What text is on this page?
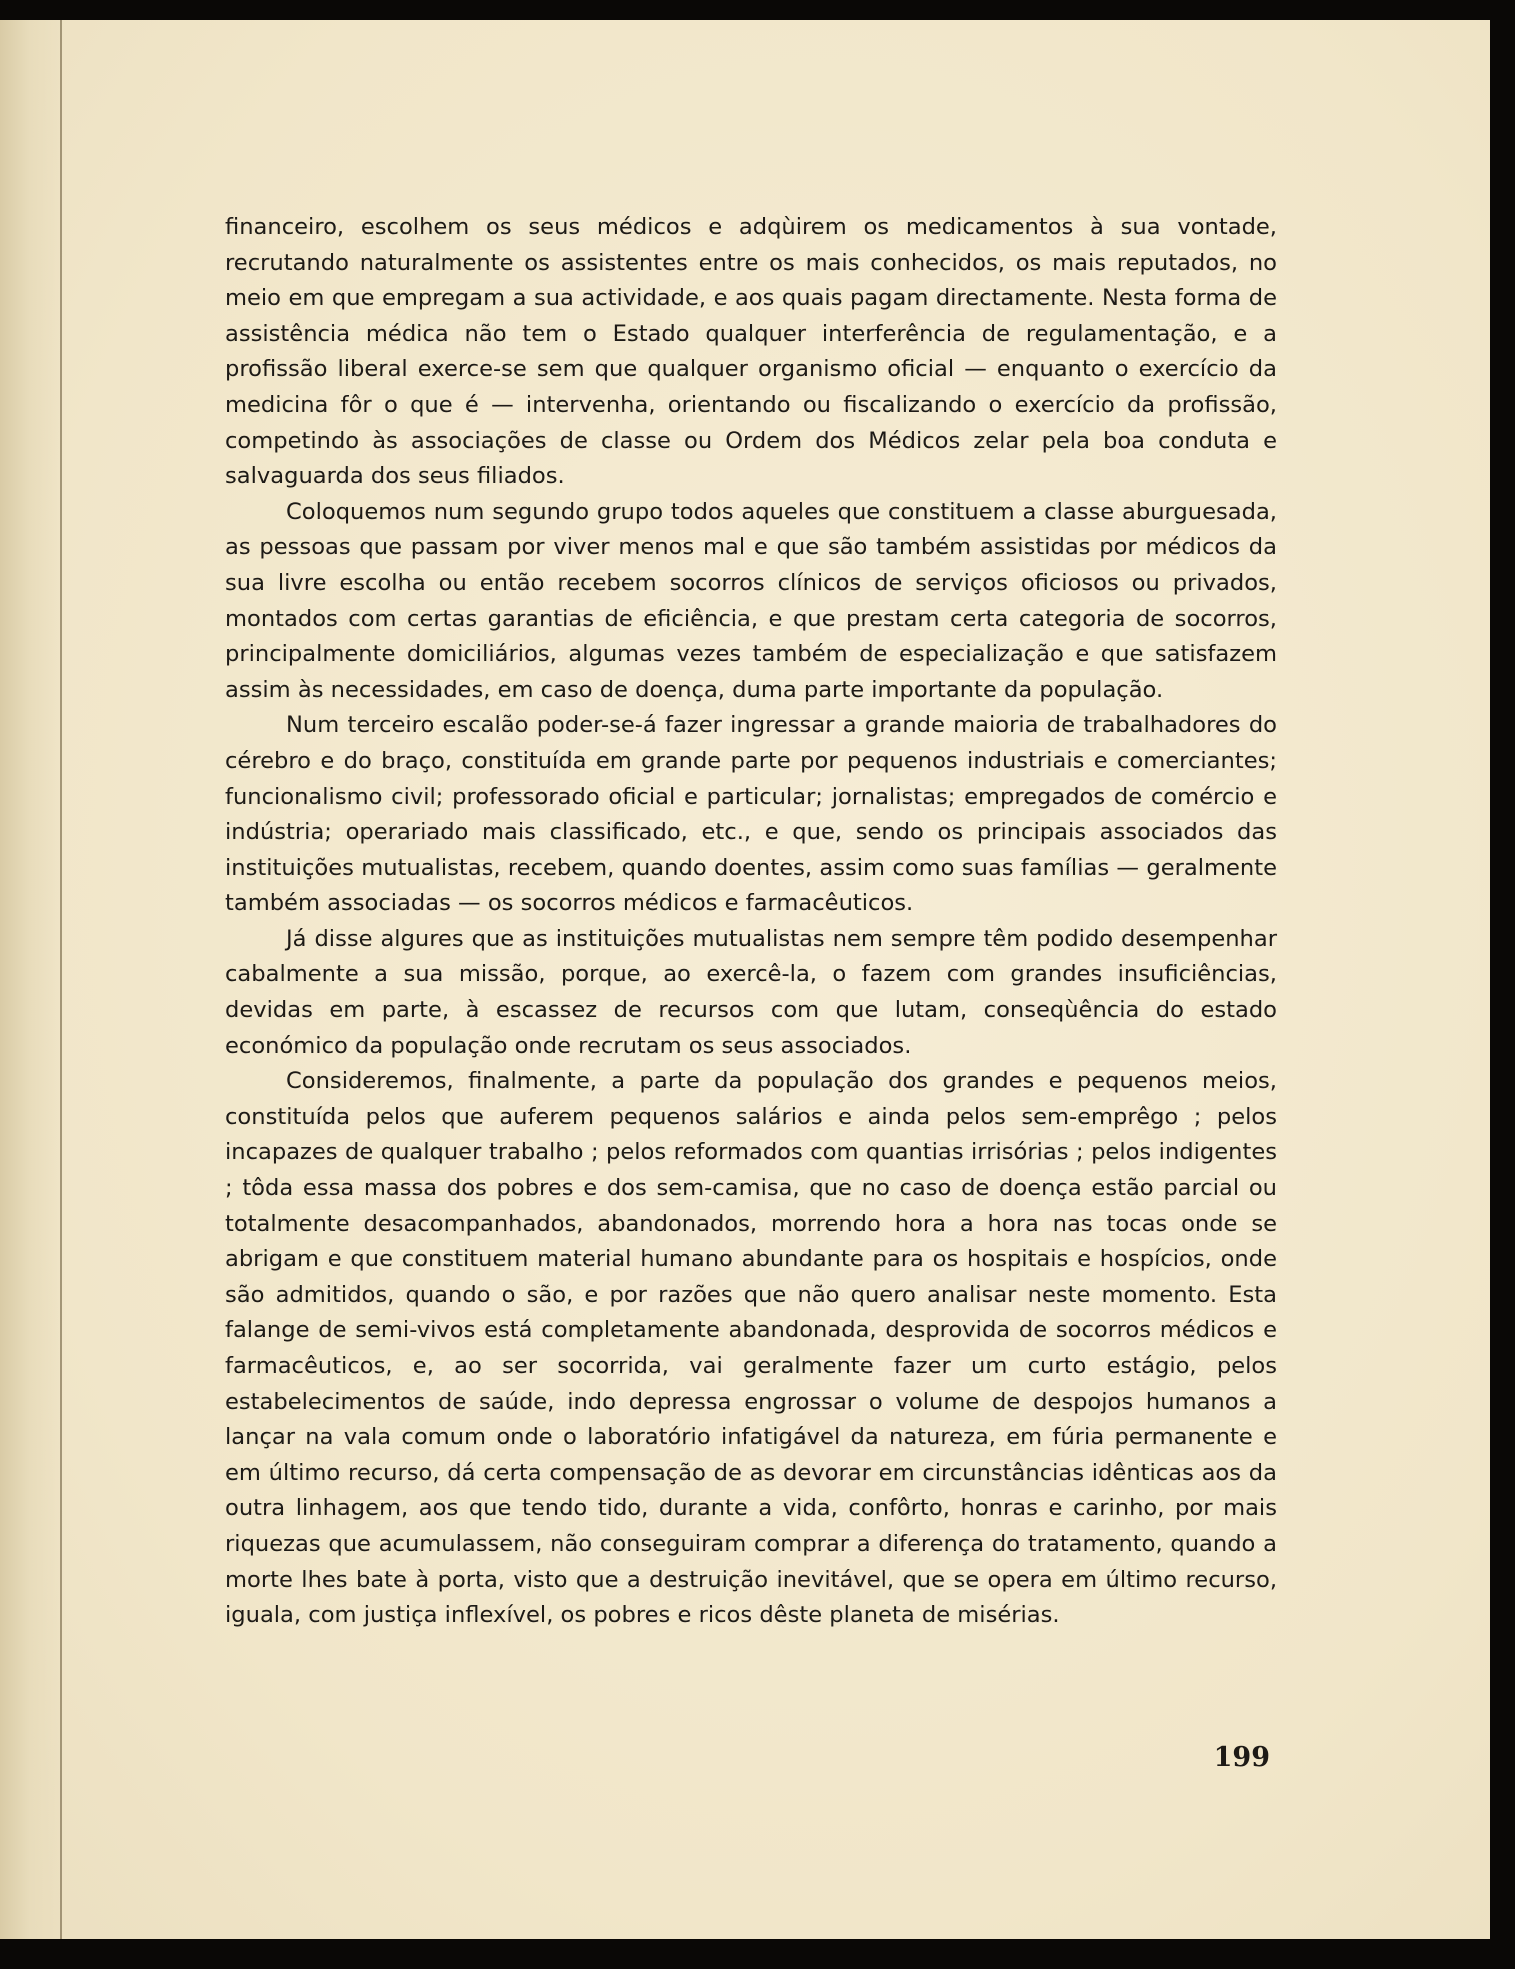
financeiro, escolhem os seus médicos e adqùirem os medicamentos à sua vontade, recrutando naturalmente os assistentes entre os mais conhecidos, os mais reputados, no meio em que empregam a sua actividade, e aos quais pagam directamente. Nesta forma de assistência médica não tem o Estado qualquer interferência de regulamentação, e a profissão liberal exerce-se sem que qualquer organismo oficial — enquanto o exercício da medicina fôr o que é — intervenha, orientando ou fiscalizando o exercício da profissão, competindo às associações de classe ou Ordem dos Médicos zelar pela boa conduta e salvaguarda dos seus filiados.

Coloquemos num segundo grupo todos aqueles que constituem a classe aburguesada, as pessoas que passam por viver menos mal e que são também assistidas por médicos da sua livre escolha ou então recebem socorros clínicos de serviços oficiosos ou privados, montados com certas garantias de eficiência, e que prestam certa categoria de socorros, principalmente domiciliários, algumas vezes também de especialização e que satisfazem assim às necessidades, em caso de doença, duma parte importante da população.

Num terceiro escalão poder-se-á fazer ingressar a grande maioria de trabalhadores do cérebro e do braço, constituída em grande parte por pequenos industriais e comerciantes; funcionalismo civil; professorado oficial e particular; jornalistas; empregados de comércio e indústria; operariado mais classificado, etc., e que, sendo os principais associados das instituições mutualistas, recebem, quando doentes, assim como suas famílias — geralmente também associadas — os socorros médicos e farmacêuticos.

Já disse algures que as instituições mutualistas nem sempre têm podido desempenhar cabalmente a sua missão, porque, ao exercê-la, o fazem com grandes insuficiências, devidas em parte, à escassez de recursos com que lutam, conseqùência do estado económico da população onde recrutam os seus associados.

Consideremos, finalmente, a parte da população dos grandes e pequenos meios, constituída pelos que auferem pequenos salários e ainda pelos sem-emprêgo ; pelos incapazes de qualquer trabalho ; pelos reformados com quantias irrisórias ; pelos indigentes ; tôda essa massa dos pobres e dos sem-camisa, que no caso de doença estão parcial ou totalmente desacompanhados, abandonados, morrendo hora a hora nas tocas onde se abrigam e que constituem material humano abundante para os hospitais e hospícios, onde são admitidos, quando o são, e por razões que não quero analisar neste momento. Esta falange de semi-vivos está completamente abandonada, desprovida de socorros médicos e farmacêuticos, e, ao ser socorrida, vai geralmente fazer um curto estágio, pelos estabelecimentos de saúde, indo depressa engrossar o volume de despojos humanos a lançar na vala comum onde o laboratório infatigável da natureza, em fúria permanente e em último recurso, dá certa compensação de as devorar em circunstâncias idênticas aos da outra linhagem, aos que tendo tido, durante a vida, confôrto, honras e carinho, por mais riquezas que acumulassem, não conseguiram comprar a diferença do tratamento, quando a morte lhes bate à porta, visto que a destruição inevitável, que se opera em último recurso, iguala, com justiça inflexível, os pobres e ricos dêste planeta de misérias.

199
